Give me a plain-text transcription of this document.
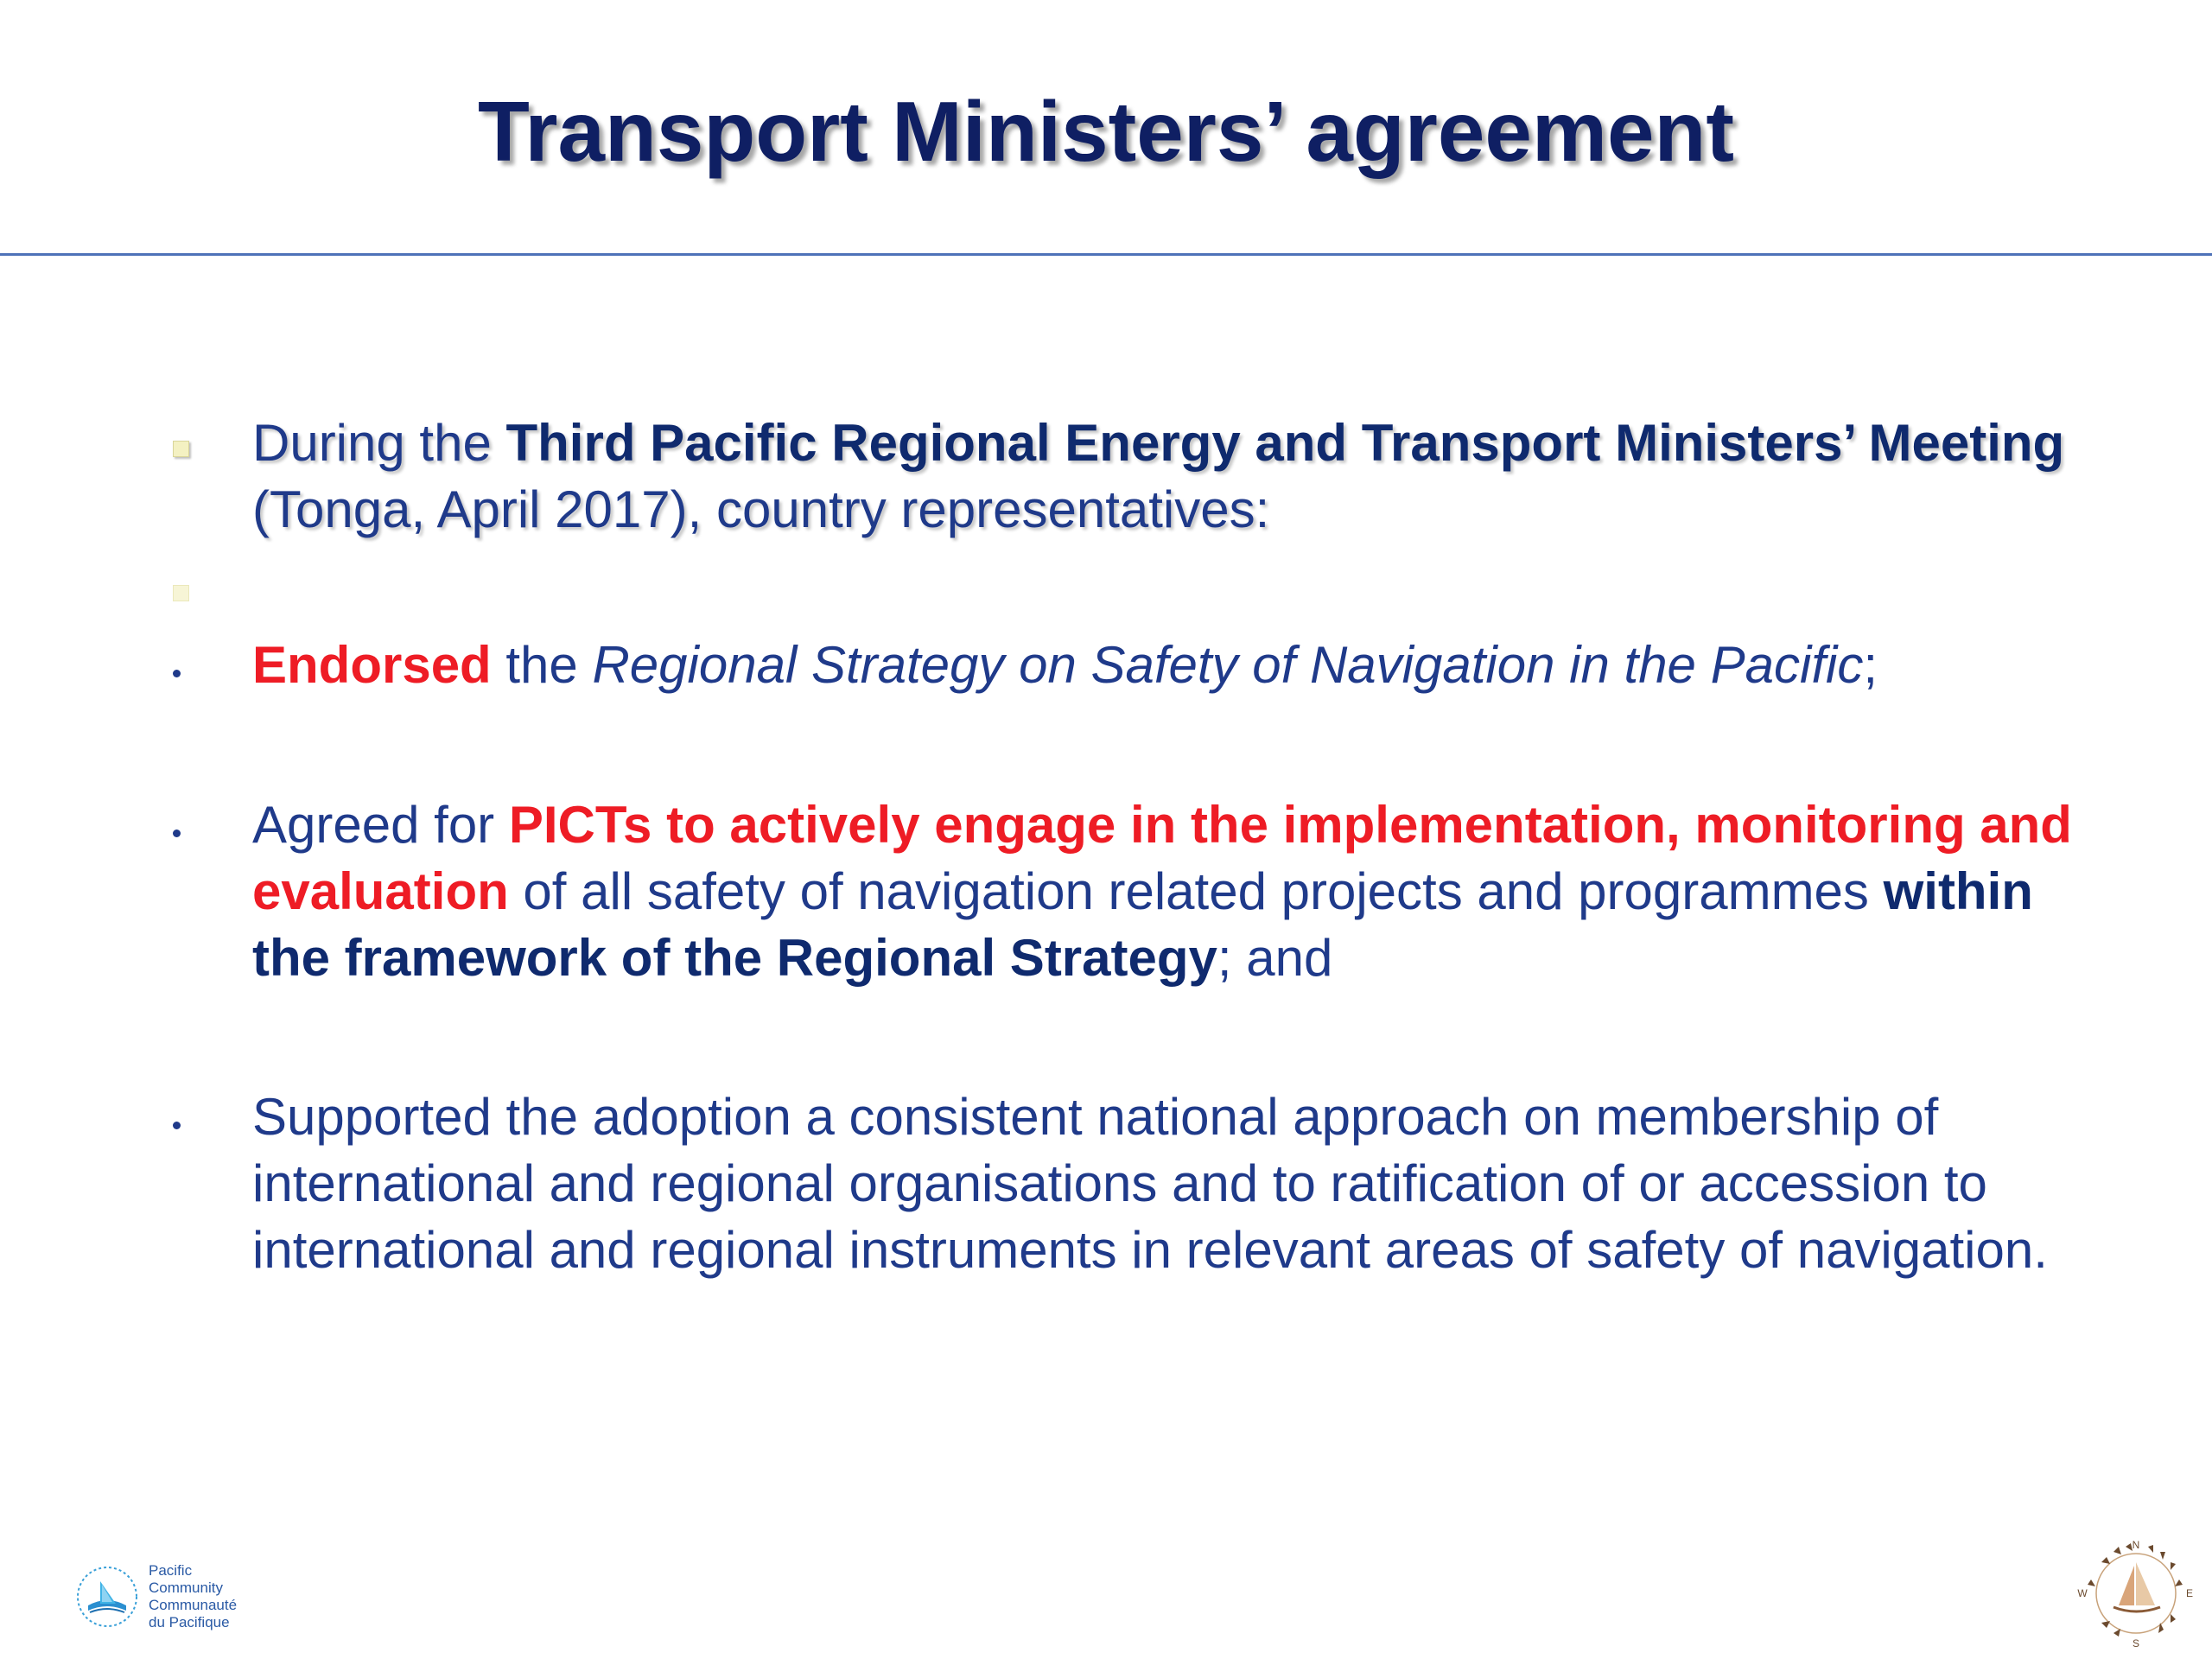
Transport Ministers’ agreement
During the Third Pacific Regional Energy and Transport Ministers’ Meeting (Tonga, April 2017), country representatives:
Endorsed the Regional Strategy on Safety of Navigation in the Pacific;
Agreed for PICTs to actively engage in the implementation, monitoring and evaluation of all safety of navigation related projects and programmes within the framework of the Regional Strategy; and
Supported the adoption a consistent national approach on membership of international and regional organisations and to ratification of or accession to international and regional instruments in relevant areas of safety of navigation.
Pacific
Community
Communauté
du Pacifique
N
E
S
W
